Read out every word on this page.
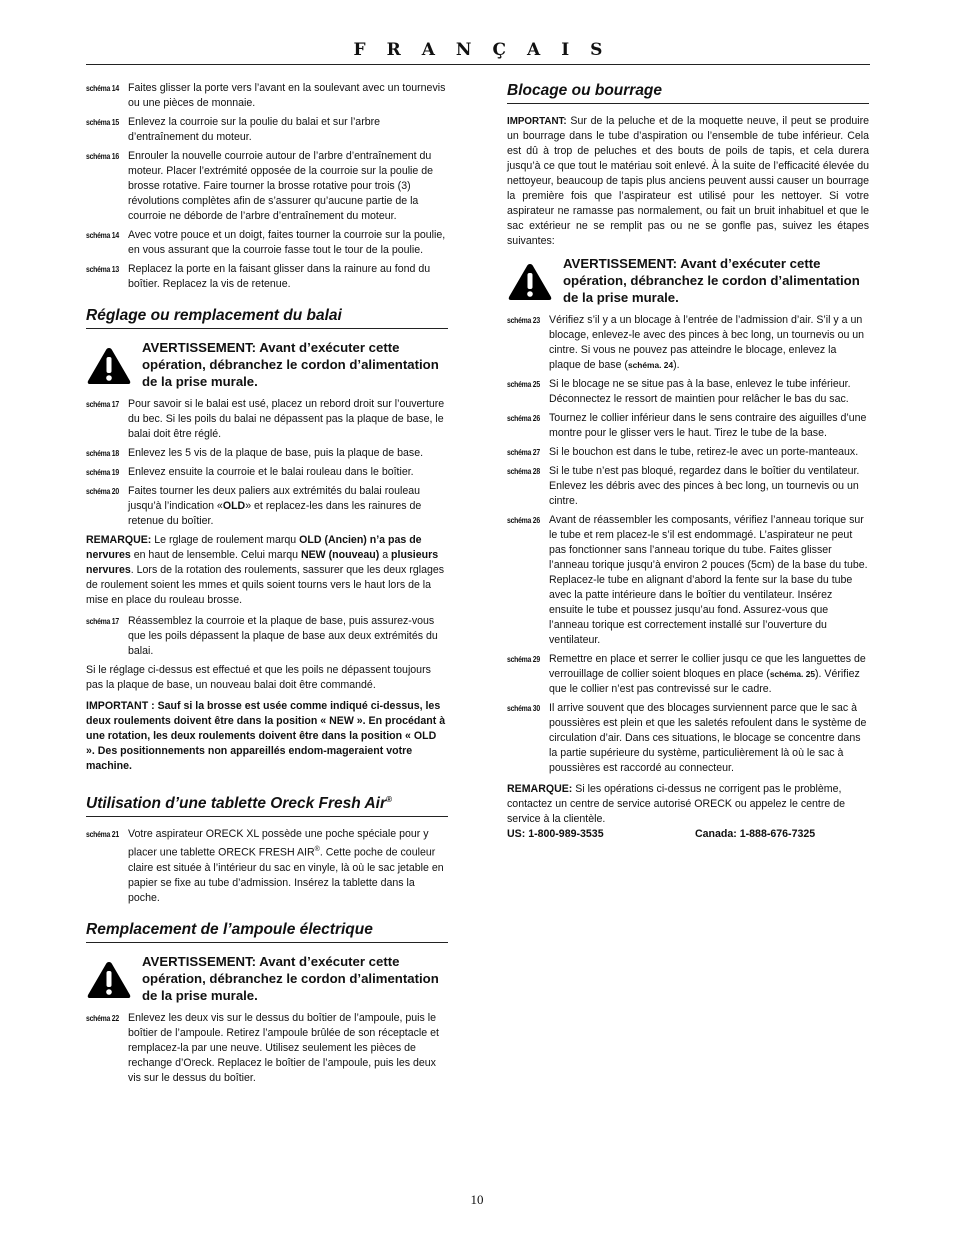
FRANÇAIS
schéma 14 Faites glisser la porte vers l’avant en la soulevant avec un tournevis ou une pièces de monnaie.
schéma 15 Enlevez la courroie sur la poulie du balai et sur l’arbre d’entraînement du moteur.
schéma 16 Enrouler la nouvelle courroie autour de l’arbre d’entraînement du moteur. Placer l’extrémité opposée de la courroie sur la poulie de brosse rotative. Faire tourner la brosse rotative pour trois (3) révolutions complètes afin de s’assurer qu’aucune partie de la courroie ne déborde de l’arbre d’entraînement du moteur.
schéma 14 Avec votre pouce et un doigt, faites tourner la courroie sur la poulie, en vous assurant que la courroie fasse tout le tour de la poulie.
schéma 13 Replacez la porte en la faisant glisser dans la rainure au fond du boîtier. Replacez la vis de retenue.
Réglage ou remplacement du balai
AVERTISSEMENT: Avant d’exécuter cette opération, débranchez le cordon d’alimentation de la prise murale.
schéma 17 Pour savoir si le balai est usé, placez un rebord droit sur l’ouverture du bec. Si les poils du balai ne dépassent pas la plaque de base, le balai doit être réglé.
schéma 18 Enlevez les 5 vis de la plaque de base, puis la plaque de base.
schéma 19 Enlevez ensuite la courroie et le balai rouleau dans le boîtier.
schéma 20 Faites tourner les deux paliers aux extrémités du balai rouleau jusqu’à l’indication «OLD» et replacez-les dans les rainures de retenue du boîtier.
REMARQUE: Le rglage de roulement marqu OLD (Ancien) n’a pas de nervures en haut de lensemble. Celui marqu NEW (nouveau) a plusieurs nervures. Lors de la rotation des roulements, sassurer que les deux rglages de roulement soient les mmes et quils soient tourns vers le haut lors de la mise en place du rouleau brosse.
schéma 17 Réassemblez la courroie et la plaque de base, puis assurez-vous que les poils dépassent la plaque de base aux deux extrémités du balai.
Si le réglage ci-dessus est effectué et que les poils ne dépassent toujours pas la plaque de base, un nouveau balai doit être commandé.
IMPORTANT : Sauf si la brosse est usée comme indiqué ci-dessus, les deux roulements doivent être dans la position « NEW ». En procédant à une rotation, les deux roulements doivent être dans la position « OLD ». Des positionnements non appareillés endom-mageraient votre machine.
Utilisation d’une tablette Oreck Fresh Air®
schéma 21 Votre aspirateur ORECK XL possède une poche spéciale pour y placer une tablette ORECK FRESH AIR®. Cette poche de couleur claire est située à l’intérieur du sac en vinyle, là où le sac jetable en papier se fixe au tube d’admission. Insérez la tablette dans la poche.
Remplacement de l’ampoule électrique
AVERTISSEMENT: Avant d’exécuter cette opération, débranchez le cordon d’alimentation de la prise murale.
schéma 22 Enlevez les deux vis sur le dessus du boîtier de l’ampoule, puis le boîtier de l’ampoule. Retirez l’ampoule brûlée de son réceptacle et remplacez-la par une neuve. Utilisez seulement les pièces de rechange d’Oreck. Replacez le boîtier de l’ampoule, puis les deux vis sur le dessus du boîtier.
Blocage ou bourrage
IMPORTANT: Sur de la peluche et de la moquette neuve, il peut se produire un bourrage dans le tube d’aspiration ou l’ensemble de tube inférieur. Cela est dû à trop de peluches et des bouts de poils de tapis, et cela durera jusqu’à ce que tout le matériau soit enlevé. À la suite de l’efficacité élevée du nettoyeur, beaucoup de tapis plus anciens peuvent aussi causer un bourrage la première fois que l’aspirateur est utilisé pour les nettoyer. Si votre aspirateur ne ramasse pas normalement, ou fait un bruit inhabituel et que le sac extérieur ne se remplit pas ou ne se gonfle pas, suivez les étapes suivantes:
AVERTISSEMENT: Avant d’exécuter cette opération, débranchez le cordon d’alimentation de la prise murale.
schéma 23 Vérifiez s’il y a un blocage à l’entrée de l’admission d’air. S’il y a un blocage, enlevez-le avec des pinces à bec long, un tournevis ou un cintre. Si vous ne pouvez pas atteindre le blocage, enlevez la plaque de base (schéma. 24).
schéma 25 Si le blocage ne se situe pas à la base, enlevez le tube inférieur. Déconnectez le ressort de maintien pour relâcher le bas du sac.
schéma 26 Tournez le collier inférieur dans le sens contraire des aiguilles d’une montre pour le glisser vers le haut. Tirez le tube de la base.
schéma 27 Si le bouchon est dans le tube, retirez-le avec un porte-manteaux.
schéma 28 Si le tube n’est pas bloqué, regardez dans le boîtier du ventilateur. Enlevez les débris avec des pinces à bec long, un tournevis ou un cintre.
schéma 26 Avant de réassembler les composants, vérifiez l’anneau torique sur le tube et rem placez-le s’il est endommagé. L’aspirateur ne peut pas fonctionner sans l’anneau torique du tube. Faites glisser l’anneau torique jusqu’à environ 2 pouces (5cm) de la base du tube. Replacez-le tube en alignant d’abord la fente sur la base du tube avec la patte intérieure dans le boîtier du ventilateur. Insérez ensuite le tube et poussez jusqu’au fond. Assurez-vous que l’anneau torique est correctement installé sur l’ouverture du ventilateur.
schéma 29 Remettre en place et serrer le collier jusqu ce que les languettes de verrouillage de collier soient bloques en place (schéma. 25). Vérifiez que le collier n’est pas contrevissé sur le cadre.
schéma 30 Il arrive souvent que des blocages surviennent parce que le sac à poussières est plein et que les saletés refoulent dans le système de circulation d’air. Dans ces situations, le blocage se concentre dans la partie supérieure du système, particulièrement là où le sac à poussières est raccordé au connecteur.
REMARQUE: Si les opérations ci-dessus ne corrigent pas le problème, contactez un centre de service autorisé ORECK ou appelez le centre de service à la clientèle.
US: 1-800-989-3535	Canada: 1-888-676-7325
10
